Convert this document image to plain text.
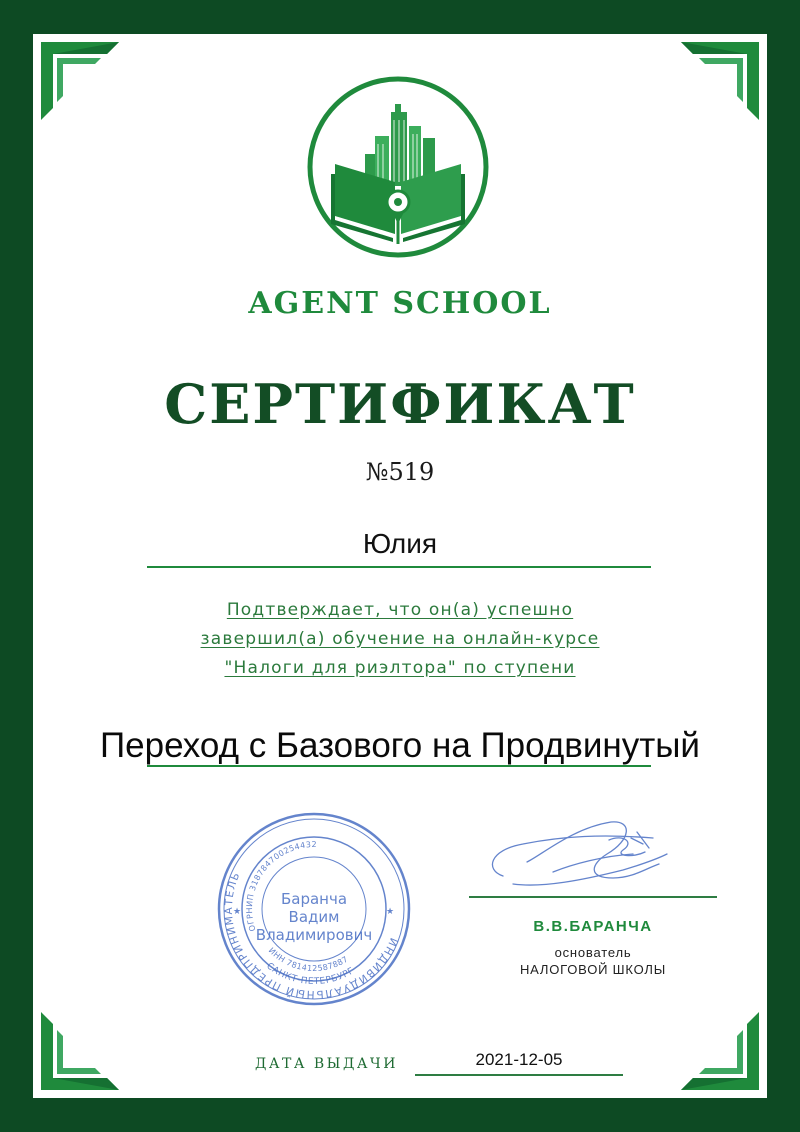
AGENT SCHOOL
СЕРТИФИКАТ
№519
Юлия
Подтверждает, что он(а) успешно
завершил(а) обучение на онлайн-курсе
"Налоги для риэлтора" по ступени
Переход с Базового на Продвинутый
ИНДИВИДУАЛЬНЫЙ ПРЕДПРИНИМАТЕЛЬ
ОГРНИП 318784700254432
ИНН 781412587887
САНКТ-ПЕТЕРБУРГ
Баранча
Вадим
Владимирович
★	★
В.В.БАРАНЧА
основатель
НАЛОГОВОЙ ШКОЛЫ
ДАТА ВЫДАЧИ	2021-12-05
